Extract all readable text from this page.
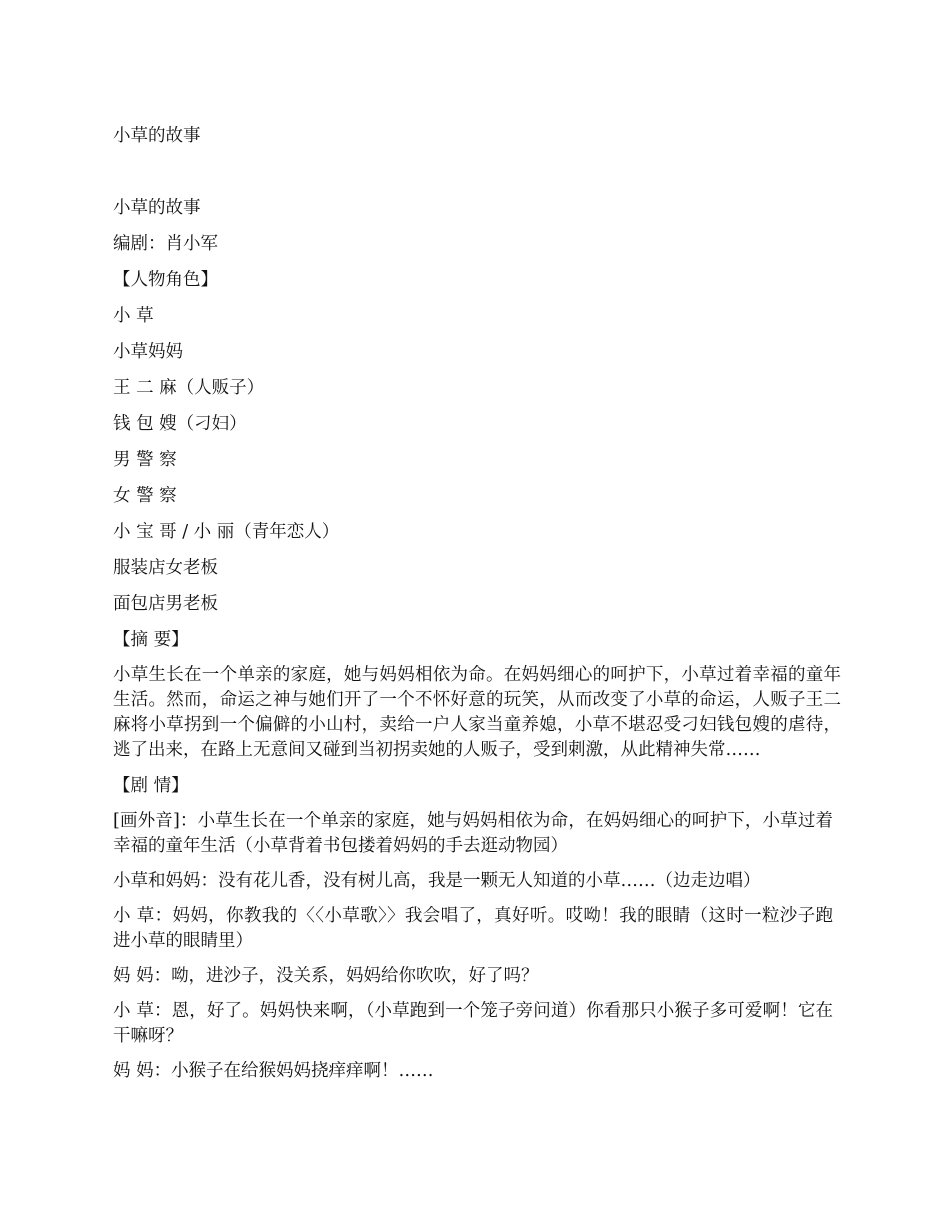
小草的故事
小草的故事
编剧：肖小军
【人物角色】
小 草
小草妈妈
王 二 麻（人贩子）
钱 包 嫂（刁妇）
男 警 察
女 警 察
小 宝 哥 / 小 丽（青年恋人）
服装店女老板
面包店男老板
【摘 要】
小草生长在一个单亲的家庭，她与妈妈相依为命。在妈妈细心的呵护下，小草过着幸福的童年生活。然而，命运之神与她们开了一个不怀好意的玩笑，从而改变了小草的命运，人贩子王二麻将小草拐到一个偏僻的小山村，卖给一户人家当童养媳，小草不堪忍受刁妇钱包嫂的虐待，逃了出来，在路上无意间又碰到当初拐卖她的人贩子，受到刺激，从此精神失常……
【剧 情】
[画外音]：小草生长在一个单亲的家庭，她与妈妈相依为命，在妈妈细心的呵护下，小草过着幸福的童年生活（小草背着书包搂着妈妈的手去逛动物园）
小草和妈妈：没有花儿香，没有树儿高，我是一颗无人知道的小草……（边走边唱）
小 草：妈妈，你教我的〈〈小草歌〉〉我会唱了，真好听。哎呦！我的眼睛（这时一粒沙子跑进小草的眼睛里）
妈 妈：呦，进沙子，没关系，妈妈给你吹吹，好了吗？
小 草：恩，好了。妈妈快来啊，（小草跑到一个笼子旁问道）你看那只小猴子多可爱啊！它在干嘛呀？
妈 妈：小猴子在给猴妈妈挠痒痒啊！……
